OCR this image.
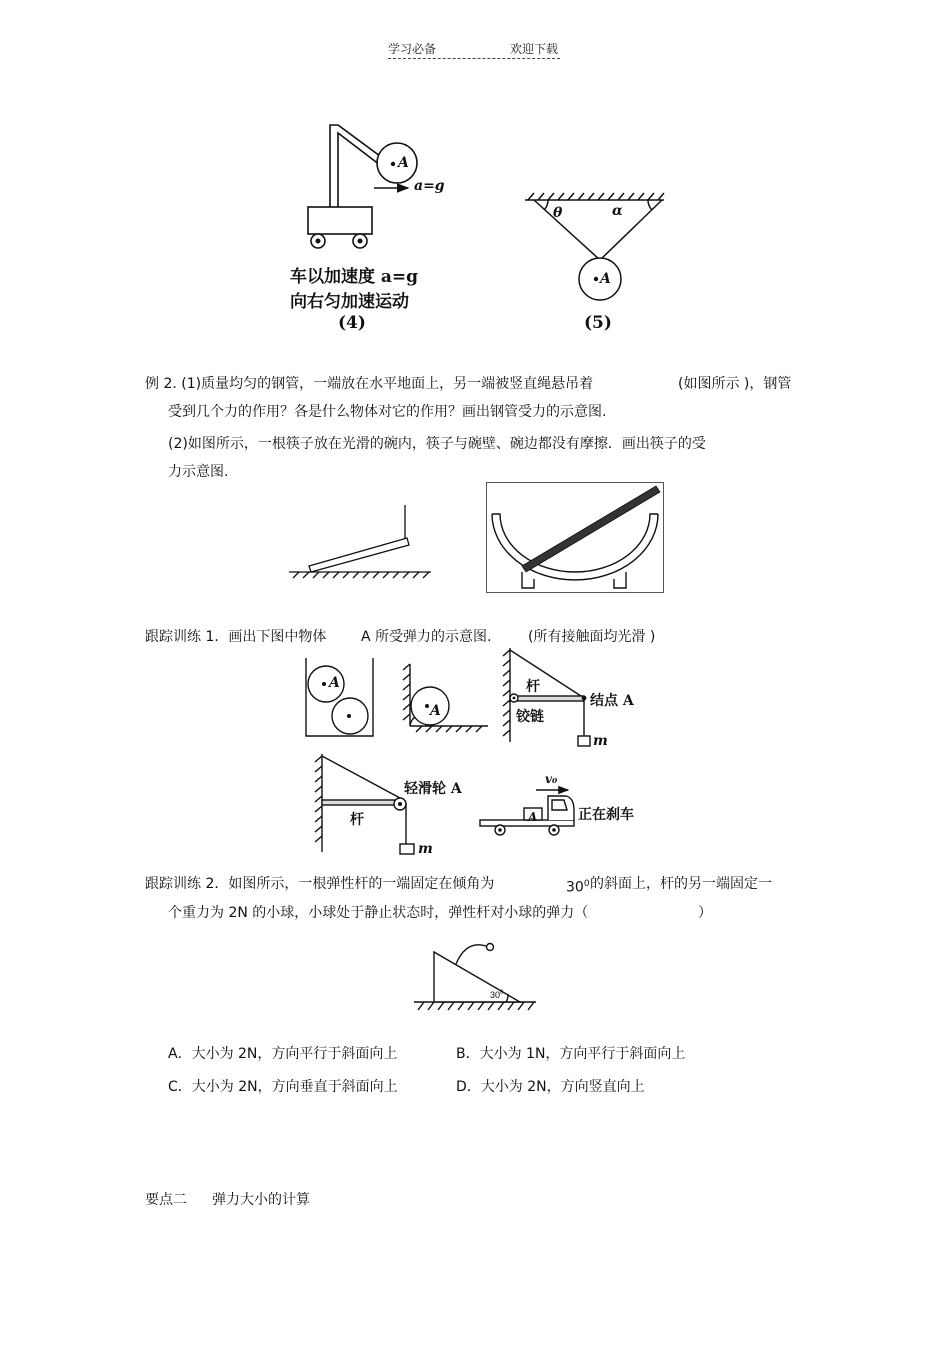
学习必备	欢迎下载
A
a=g
车以加速度 a=g
向右匀加速运动
(4)
θ	α
A
(5)
例 2. (1)质量均匀的钢管，一端放在水平地面上，另一端被竖直绳悬吊着	(如图所示 )，钢管
受到几个力的作用？各是什么物体对它的作用？画出钢管受力的示意图.
(2)如图所示，一根筷子放在光滑的碗内，筷子与碗壁、碗边都没有摩擦．画出筷子的受
力示意图.
跟踪训练 1．画出下图中物体 A 所受弹力的示意图.	(所有接触面均光滑 )
A
A
杆
结点 A
铰链
m
轻滑轮 A
杆
m
v₀
A	正在刹车
跟踪训练 2．如图所示，一根弹性杆的一端固定在倾角为	$30^0$ 的斜面上，杆的另一端固定一
个重力为 2N 的小球，小球处于静止状态时，弹性杆对小球的弹力（	）
$30^0$
A．大小为 2N，方向平行于斜面向上	B．大小为 1N，方向平行于斜面向上
C．大小为 2N，方向垂直于斜面向上	D．大小为 2N，方向竖直向上
要点二 弹力大小的计算
